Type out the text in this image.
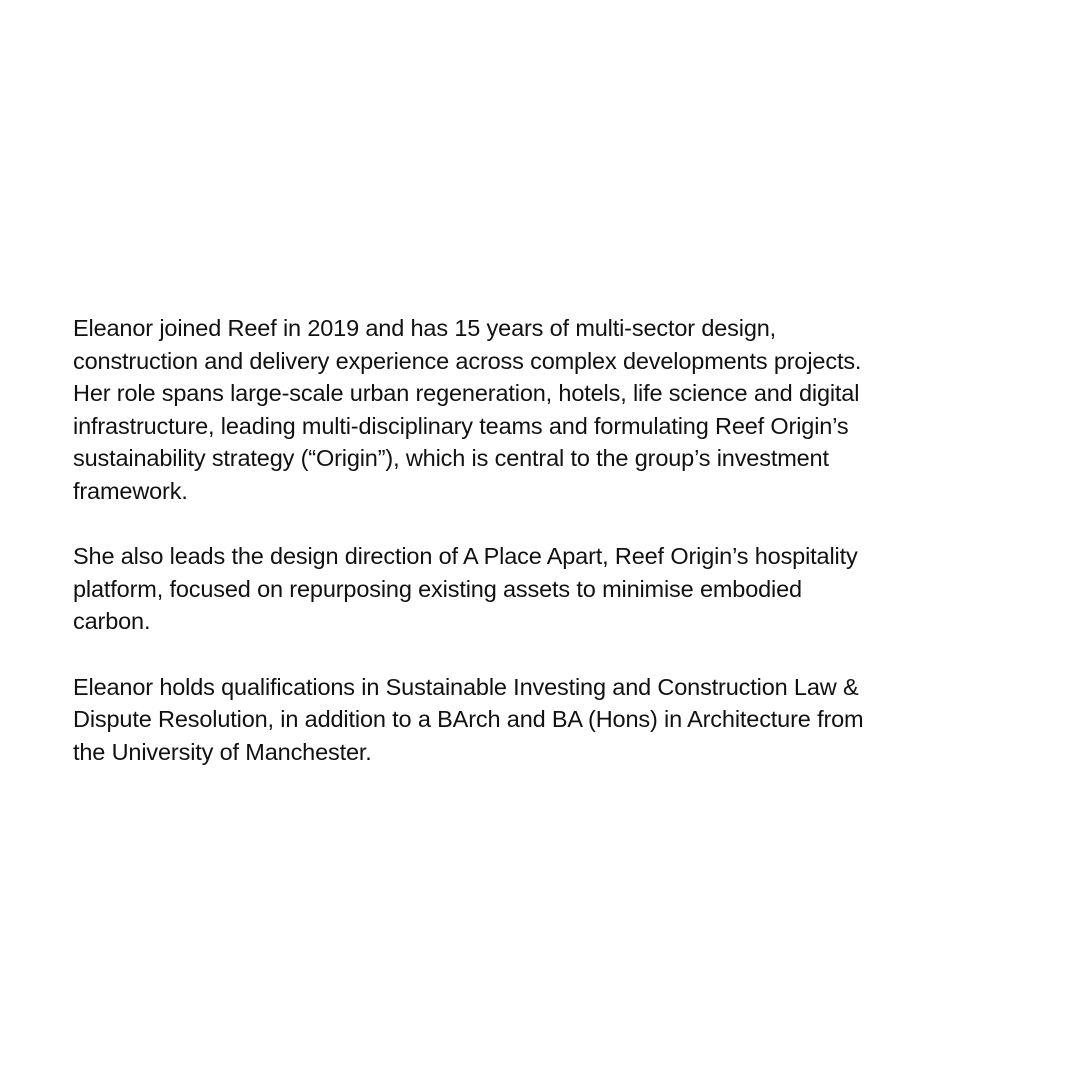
Eleanor joined Reef in 2019 and has 15 years of multi-sector design,
construction and delivery experience across complex developments projects.
Her role spans large-scale urban regeneration, hotels, life science and digital
infrastructure, leading multi-disciplinary teams and formulating Reef Origin’s
sustainability strategy (“Origin”), which is central to the group’s investment
framework.
She also leads the design direction of A Place Apart, Reef Origin’s hospitality
platform, focused on repurposing existing assets to minimise embodied
carbon.
Eleanor holds qualifications in Sustainable Investing and Construction Law &
Dispute Resolution, in addition to a BArch and BA (Hons) in Architecture from
the University of Manchester.
